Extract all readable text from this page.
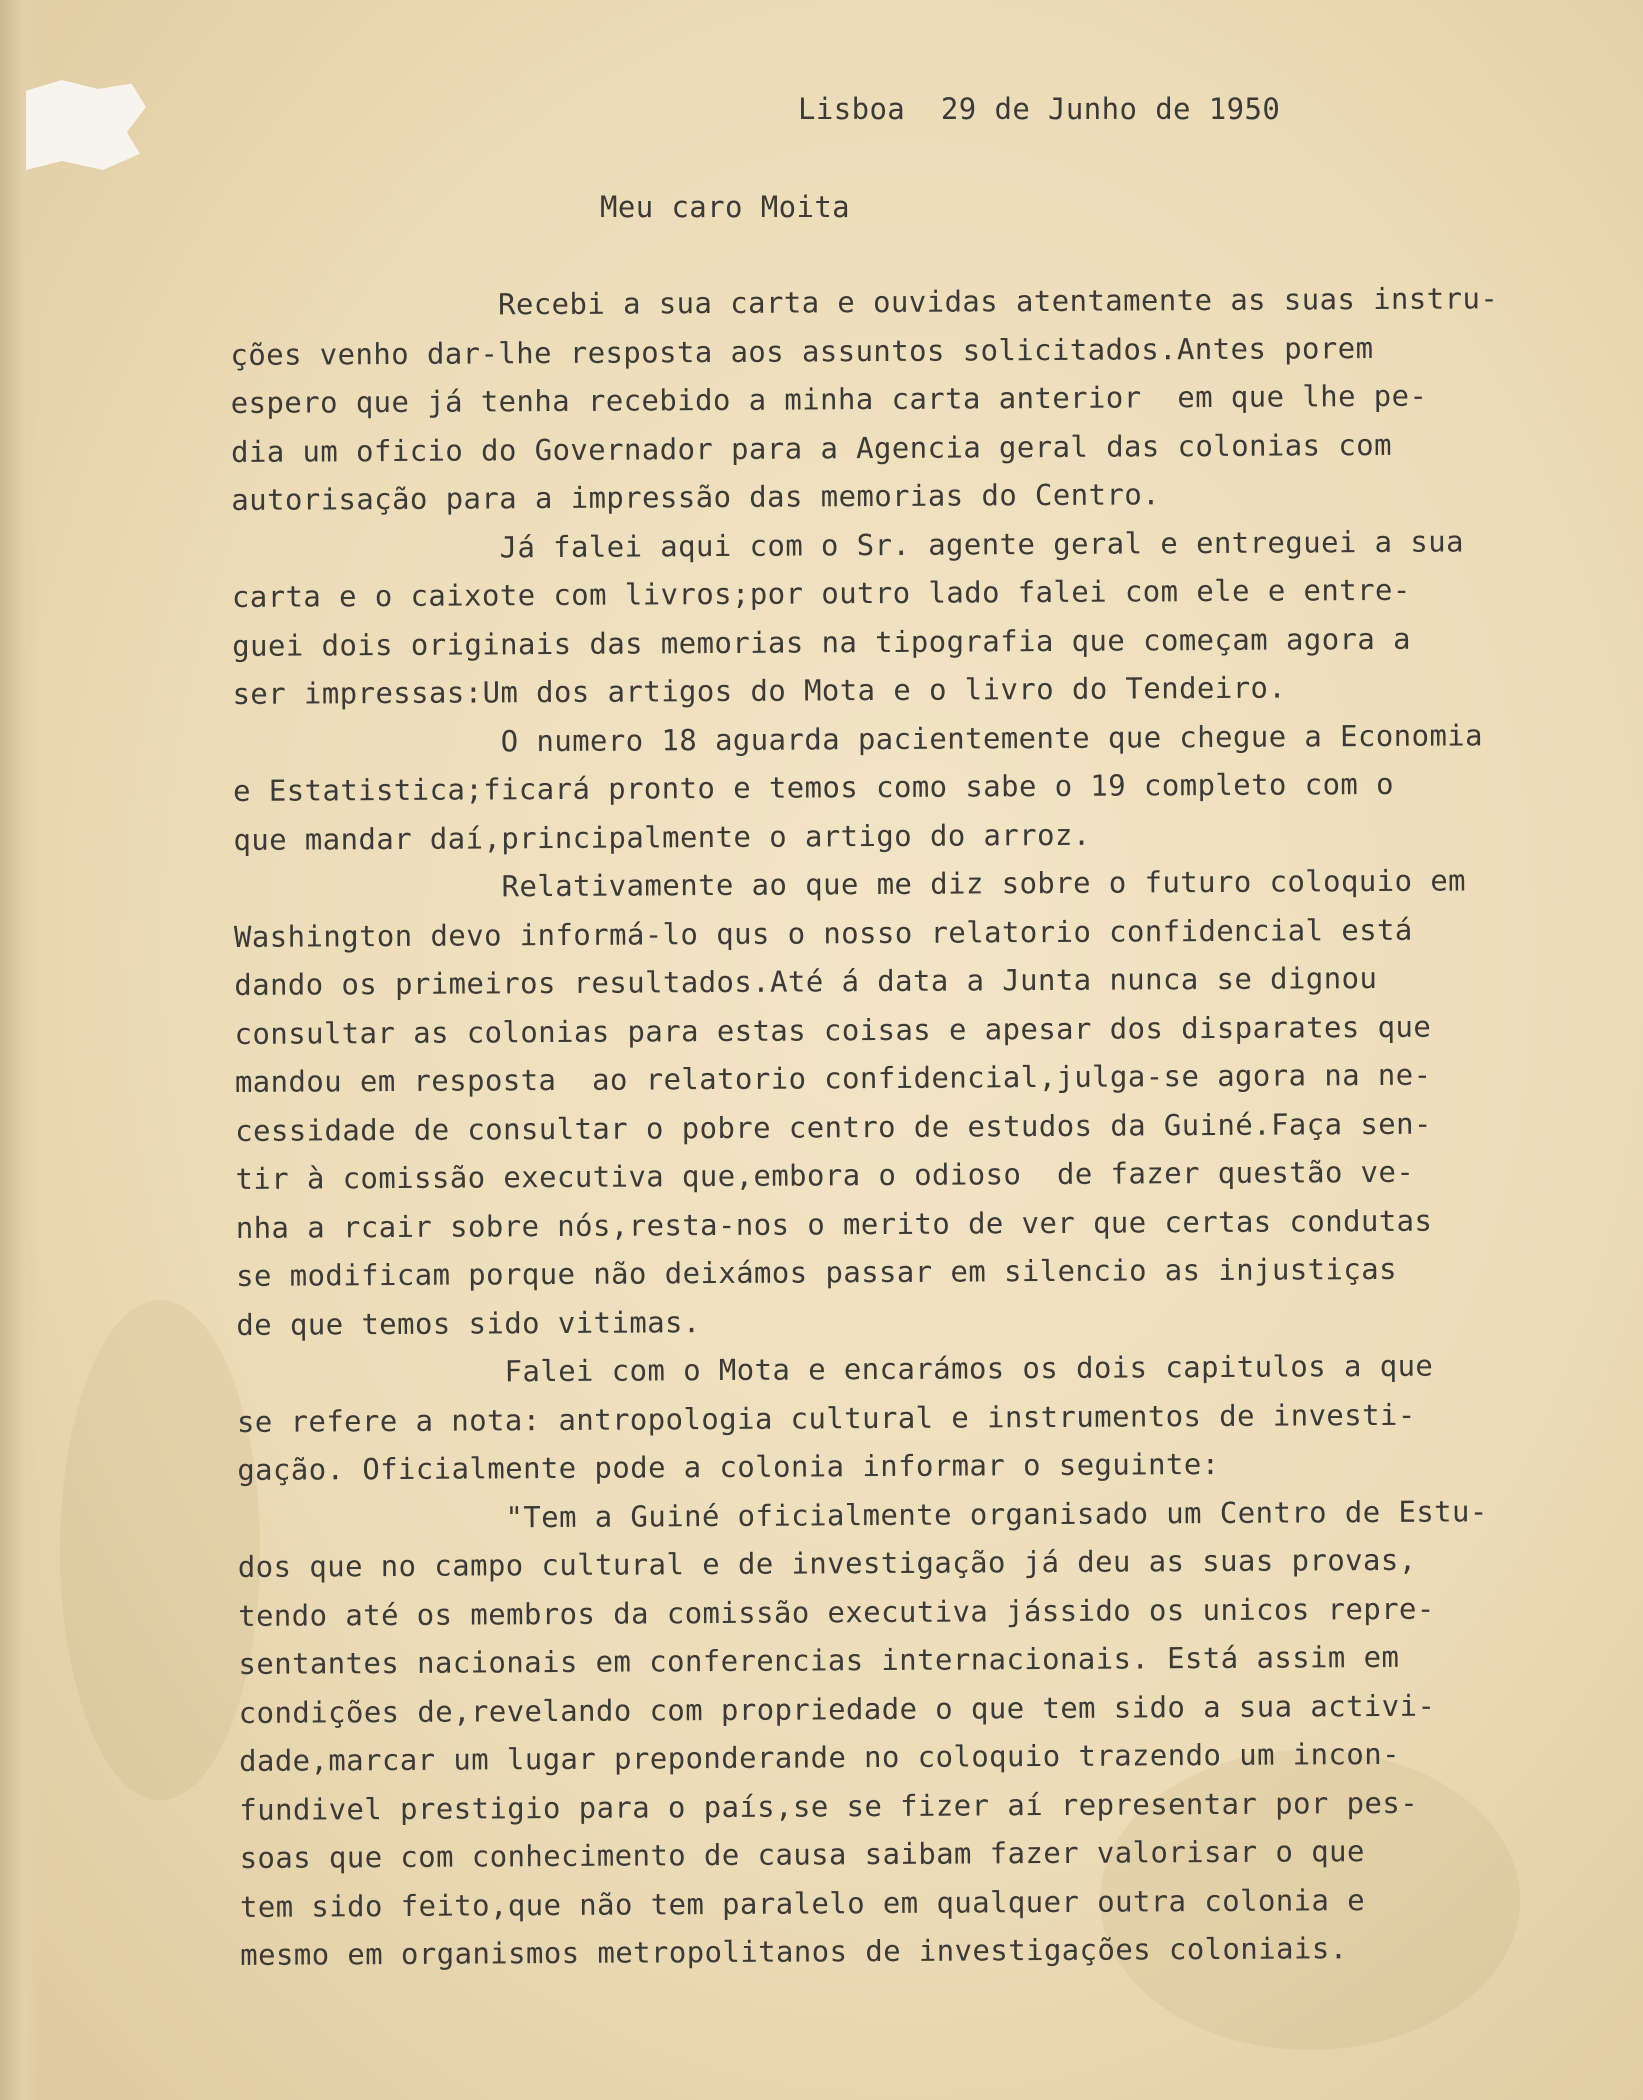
Lisboa  29 de Junho de 1950
Meu caro Moita
Recebi a sua carta e ouvidas atentamente as suas instru-
ções venho dar-lhe resposta aos assuntos solicitados.Antes porem
espero que já tenha recebido a minha carta anterior  em que lhe pe-
dia um oficio do Governador para a Agencia geral das colonias com
autorisação para a impressão das memorias do Centro.
Já falei aqui com o Sr. agente geral e entreguei a sua
carta e o caixote com livros;por outro lado falei com ele e entre-
guei dois originais das memorias na tipografia que começam agora a
ser impressas:Um dos artigos do Mota e o livro do Tendeiro.
O numero 18 aguarda pacientemente que chegue a Economia
e Estatistica;ficará pronto e temos como sabe o 19 completo com o
que mandar daí,principalmente o artigo do arroz.
Relativamente ao que me diz sobre o futuro coloquio em
Washington devo informá-lo qus o nosso relatorio confidencial está
dando os primeiros resultados.Até á data a Junta nunca se dignou
consultar as colonias para estas coisas e apesar dos disparates que
mandou em resposta  ao relatorio confidencial,julga-se agora na ne-
cessidade de consultar o pobre centro de estudos da Guiné.Faça sen-
tir à comissão executiva que,embora o odioso  de fazer questão ve-
nha a rcair sobre nós,resta-nos o merito de ver que certas condutas
se modificam porque não deixámos passar em silencio as injustiças
de que temos sido vitimas.
Falei com o Mota e encarámos os dois capitulos a que
se refere a nota: antropologia cultural e instrumentos de investi-
gação. Oficialmente pode a colonia informar o seguinte:
"Tem a Guiné oficialmente organisado um Centro de Estu-
dos que no campo cultural e de investigação já deu as suas provas,
tendo até os membros da comissão executiva jássido os unicos repre-
sentantes nacionais em conferencias internacionais. Está assim em
condições de,revelando com propriedade o que tem sido a sua activi-
dade,marcar um lugar preponderande no coloquio trazendo um incon-
fundivel prestigio para o país,se se fizer aí representar por pes-
soas que com conhecimento de causa saibam fazer valorisar o que
tem sido feito,que não tem paralelo em qualquer outra colonia e
mesmo em organismos metropolitanos de investigações coloniais.
